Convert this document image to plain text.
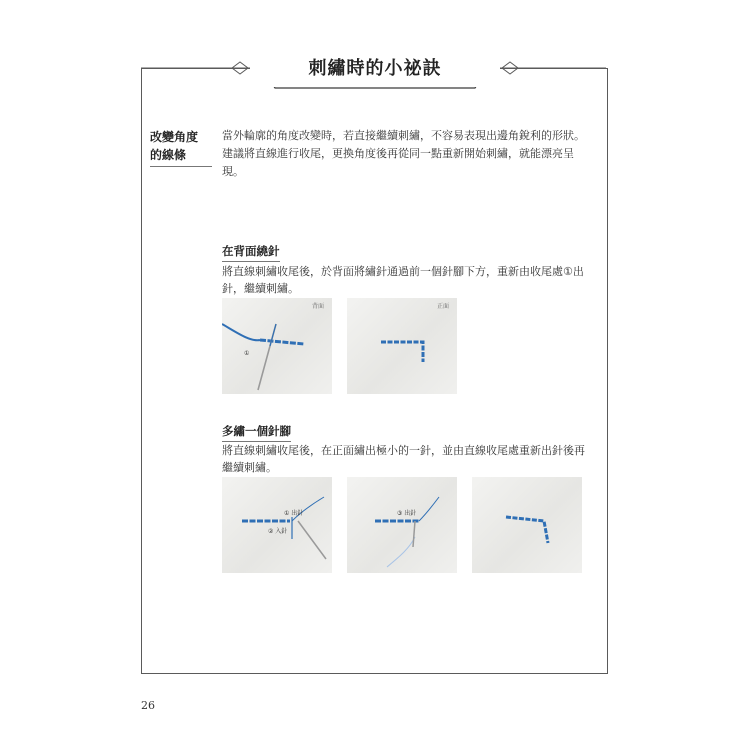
刺繡時的小祕訣
改變角度
的線條
當外輪廓的角度改變時，若直接繼續刺繡，不容易表現出邊角銳利的形狀。建議將直線進行收尾，更換角度後再從同一點重新開始刺繡，就能漂亮呈現。
在背面繞針
將直線刺繡收尾後，於背面將繡針通過前一個針腳下方，重新由收尾處①出針，繼續刺繡。
背面
①
正面
多繡一個針腳
將直線刺繡收尾後，在正面繡出極小的一針，並由直線收尾處重新出針後再繼續刺繡。
① 出針
② 入針
③ 出針
26
